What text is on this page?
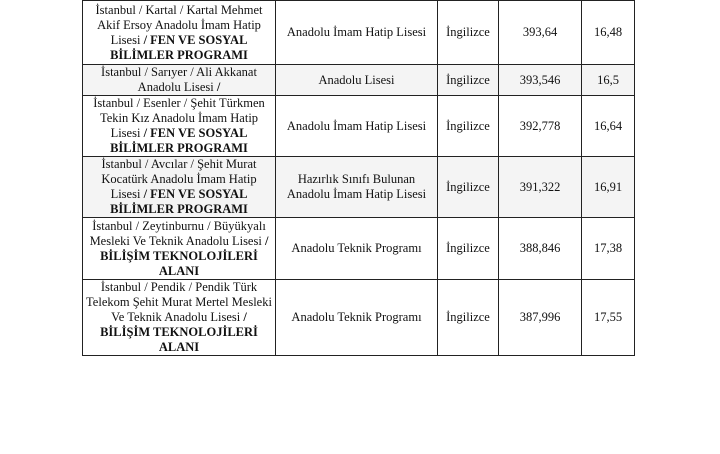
İstanbul / Kartal / Kartal Mehmet Akif Ersoy Anadolu İmam Hatip Lisesi / FEN VE SOSYAL BİLİMLER PROGRAMI	Anadolu İmam Hatip Lisesi	İngilizce	393,64	16,48
İstanbul / Sarıyer / Ali Akkanat Anadolu Lisesi /	Anadolu Lisesi	İngilizce	393,546	16,5
İstanbul / Esenler / Şehit Türkmen Tekin Kız Anadolu İmam Hatip Lisesi / FEN VE SOSYAL BİLİMLER PROGRAMI	Anadolu İmam Hatip Lisesi	İngilizce	392,778	16,64
İstanbul / Avcılar / Şehit Murat Kocatürk Anadolu İmam Hatip Lisesi / FEN VE SOSYAL BİLİMLER PROGRAMI	Hazırlık Sınıfı Bulunan Anadolu İmam Hatip Lisesi	İngilizce	391,322	16,91
İstanbul / Zeytinburnu / Büyükyalı Mesleki Ve Teknik Anadolu Lisesi / BİLİŞİM TEKNOLOJİLERİ ALANI	Anadolu Teknik Programı	İngilizce	388,846	17,38
İstanbul / Pendik / Pendik Türk Telekom Şehit Murat Mertel Mesleki Ve Teknik Anadolu Lisesi / BİLİŞİM TEKNOLOJİLERİ ALANI	Anadolu Teknik Programı	İngilizce	387,996	17,55
